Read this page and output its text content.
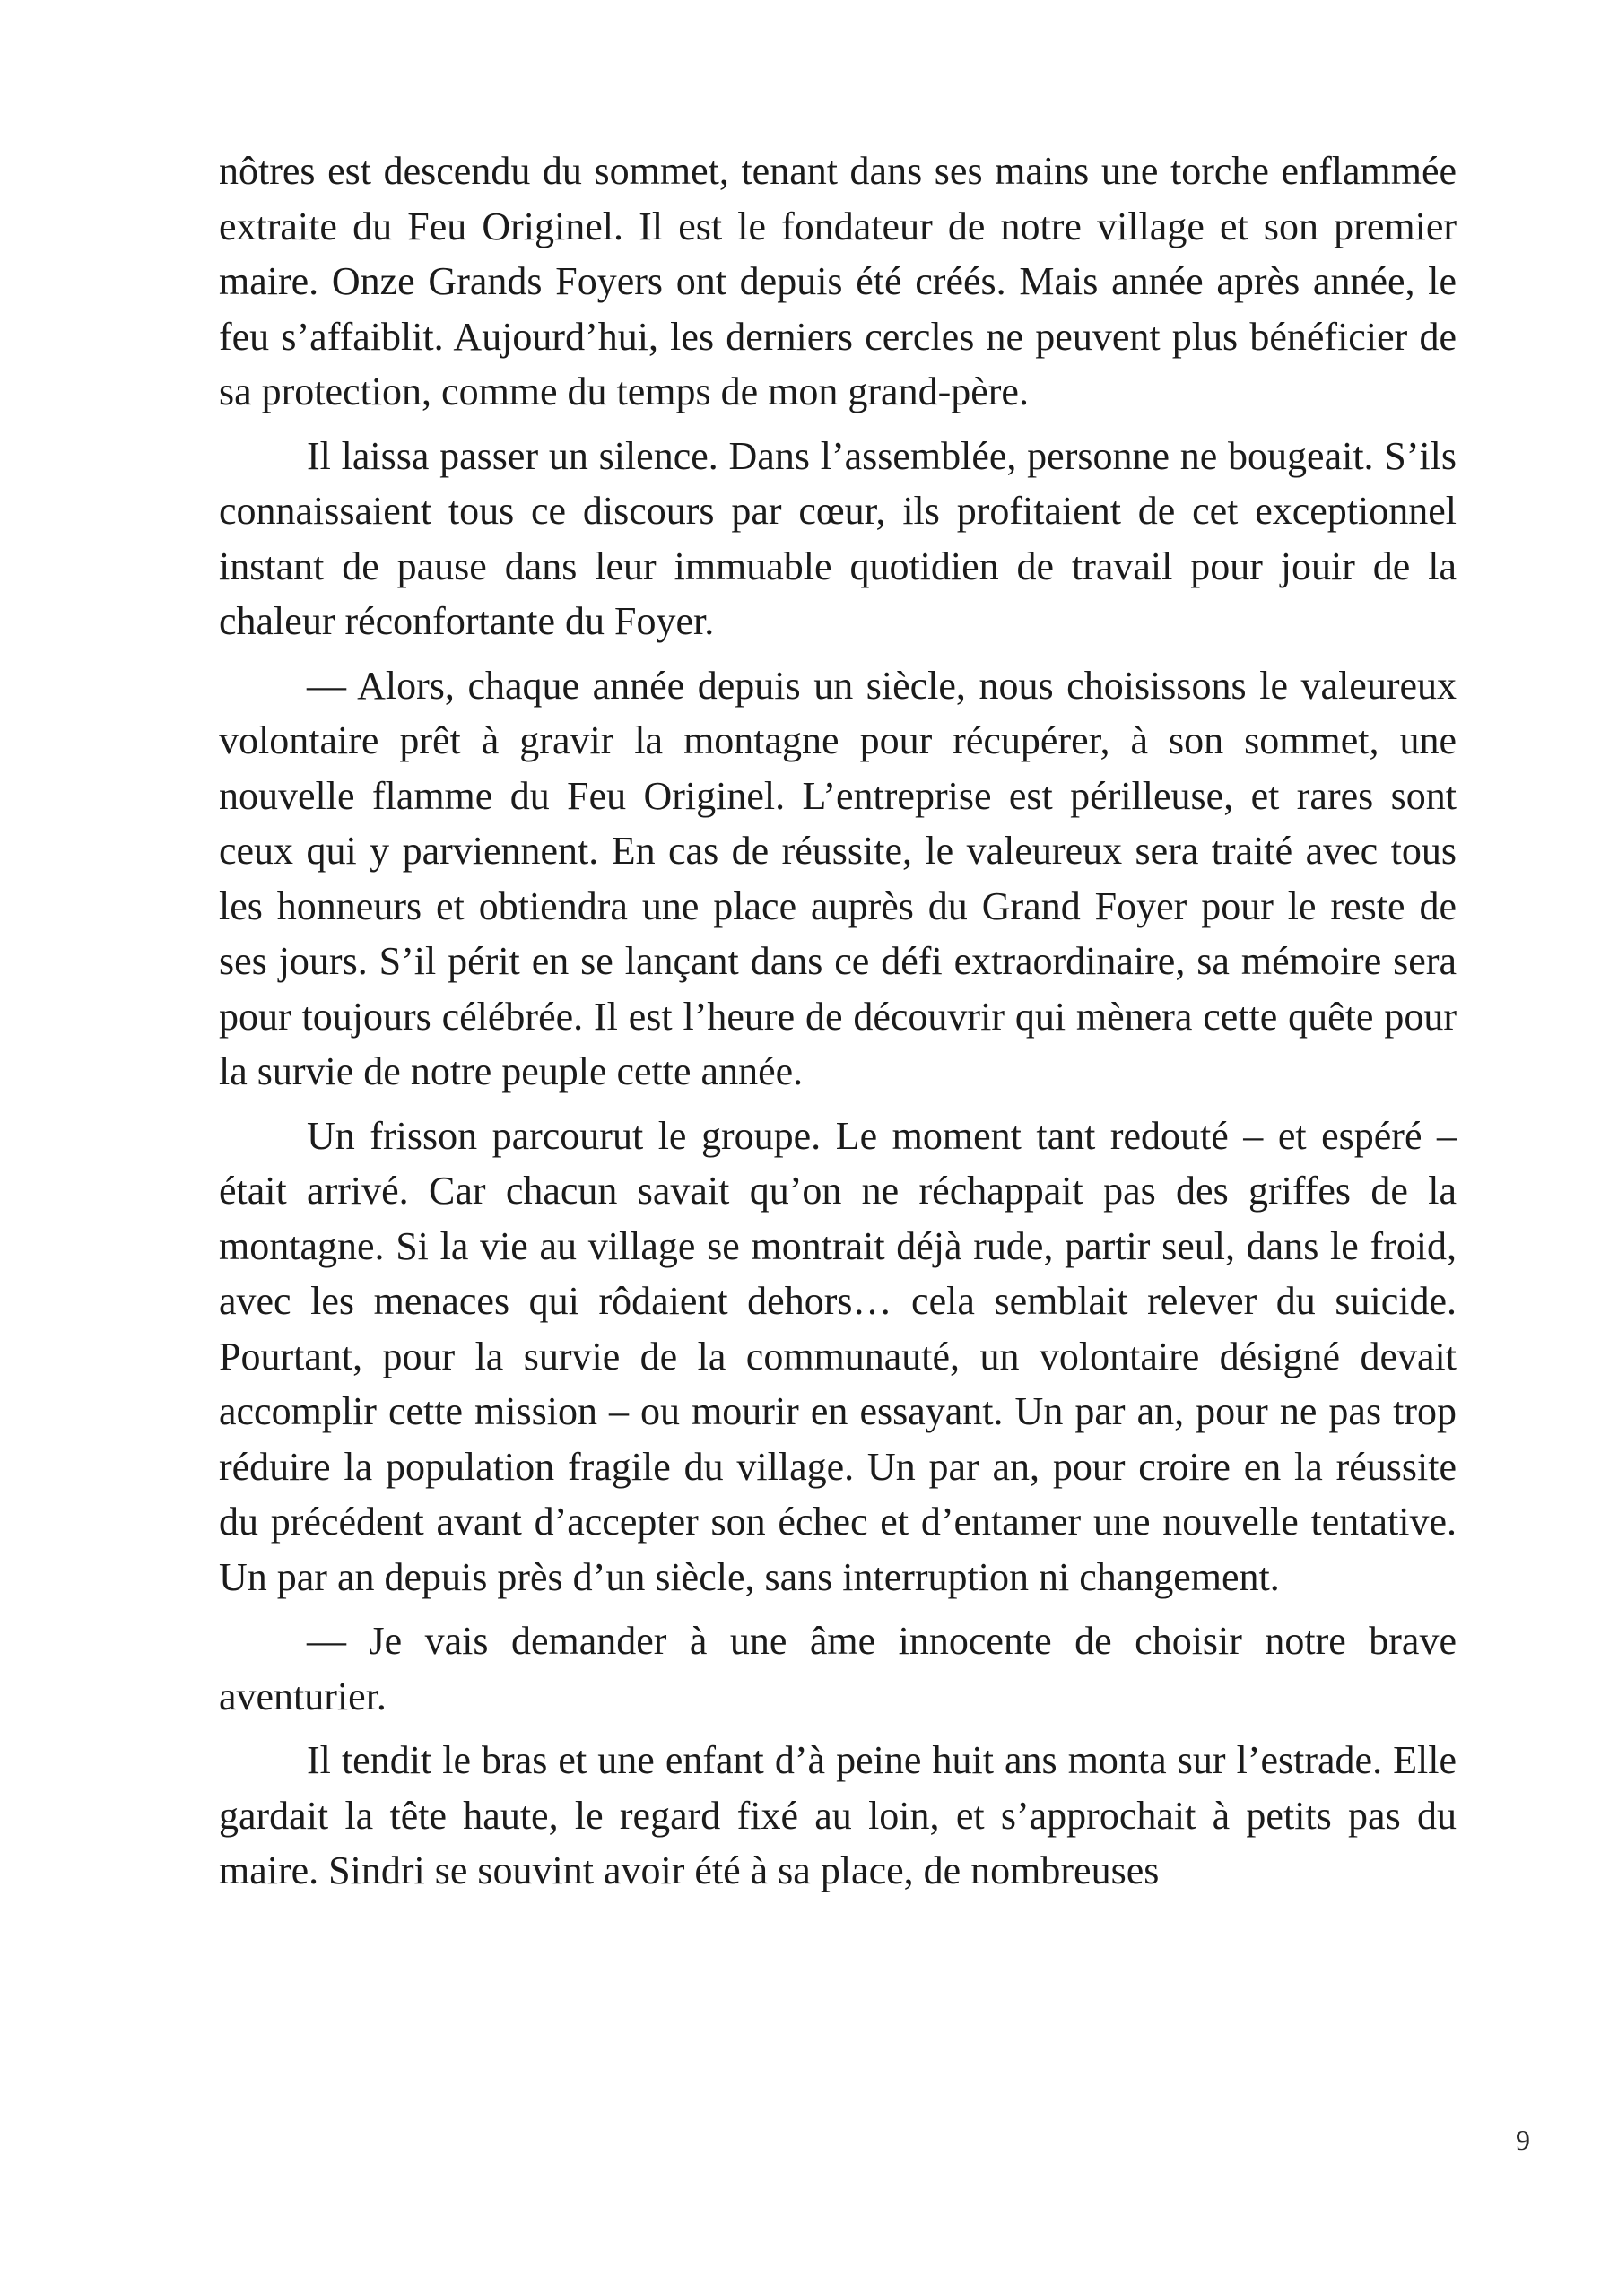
nôtres est descendu du sommet, tenant dans ses mains une torche enflammée extraite du Feu Originel. Il est le fondateur de notre village et son premier maire. Onze Grands Foyers ont depuis été créés. Mais année après année, le feu s’affaiblit. Aujourd’hui, les derniers cercles ne peuvent plus bénéficier de sa protection, comme du temps de mon grand-père.

Il laissa passer un silence. Dans l’assemblée, personne ne bougeait. S’ils connaissaient tous ce discours par cœur, ils profitaient de cet exceptionnel instant de pause dans leur immuable quotidien de travail pour jouir de la chaleur réconfortante du Foyer.

— Alors, chaque année depuis un siècle, nous choisissons le valeureux volontaire prêt à gravir la montagne pour récupérer, à son sommet, une nouvelle flamme du Feu Originel. L’entreprise est périlleuse, et rares sont ceux qui y parviennent. En cas de réussite, le valeureux sera traité avec tous les honneurs et obtiendra une place auprès du Grand Foyer pour le reste de ses jours. S’il périt en se lançant dans ce défi extraordinaire, sa mémoire sera pour toujours célébrée. Il est l’heure de découvrir qui mènera cette quête pour la survie de notre peuple cette année.

Un frisson parcourut le groupe. Le moment tant redouté – et espéré – était arrivé. Car chacun savait qu’on ne réchappait pas des griffes de la montagne. Si la vie au village se montrait déjà rude, partir seul, dans le froid, avec les menaces qui rôdaient dehors… cela semblait relever du suicide. Pourtant, pour la survie de la communauté, un volontaire désigné devait accomplir cette mission – ou mourir en essayant. Un par an, pour ne pas trop réduire la population fragile du village. Un par an, pour croire en la réussite du précédent avant d’accepter son échec et d’entamer une nouvelle tentative. Un par an depuis près d’un siècle, sans interruption ni changement.

— Je vais demander à une âme innocente de choisir notre brave aventurier.

Il tendit le bras et une enfant d’à peine huit ans monta sur l’estrade. Elle gardait la tête haute, le regard fixé au loin, et s’approchait à petits pas du maire. Sindri se souvint avoir été à sa place, de nombreuses

9
